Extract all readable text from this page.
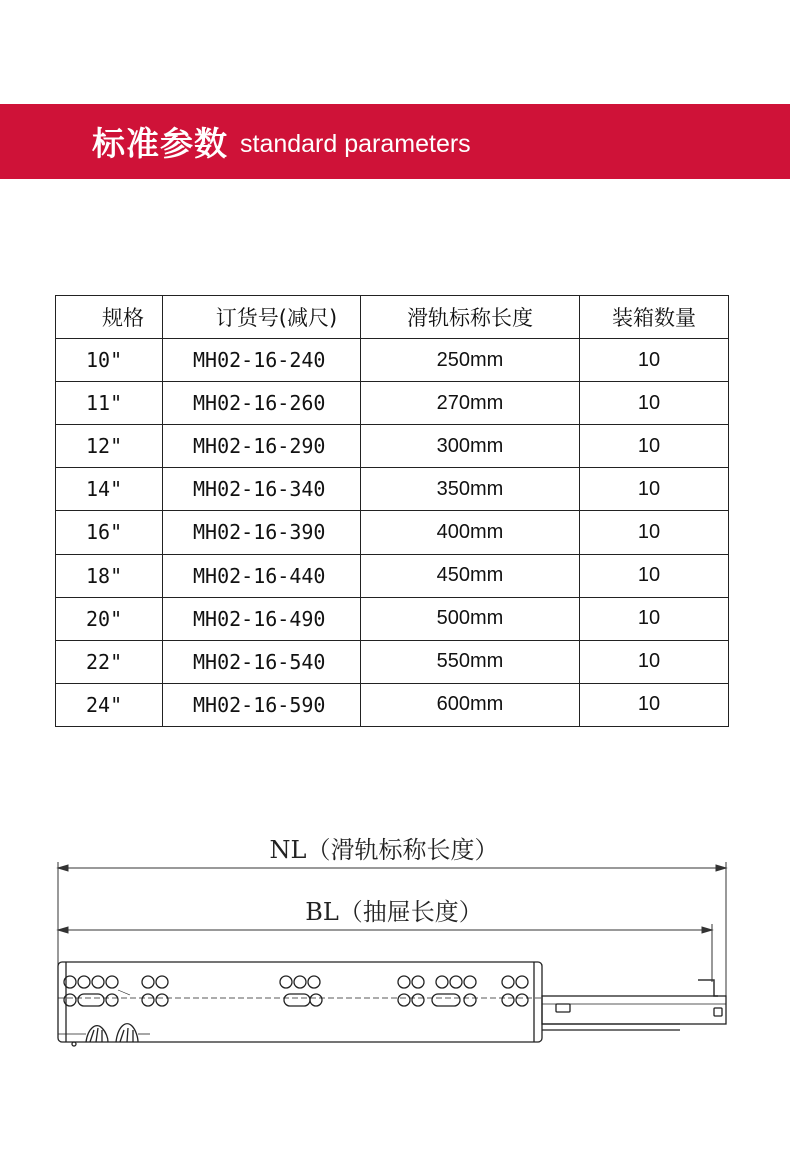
标准参数 standard parameters
规格	订货号(减尺)	滑轨标称长度	装箱数量
10"	MH02-16-240	250mm	10
11"	MH02-16-260	270mm	10
12"	MH02-16-290	300mm	10
14"	MH02-16-340	350mm	10
16"	MH02-16-390	400mm	10
18"	MH02-16-440	450mm	10
20"	MH02-16-490	500mm	10
22"	MH02-16-540	550mm	10
24"	MH02-16-590	600mm	10
NL（滑轨标称长度）
BL（抽屉长度）
